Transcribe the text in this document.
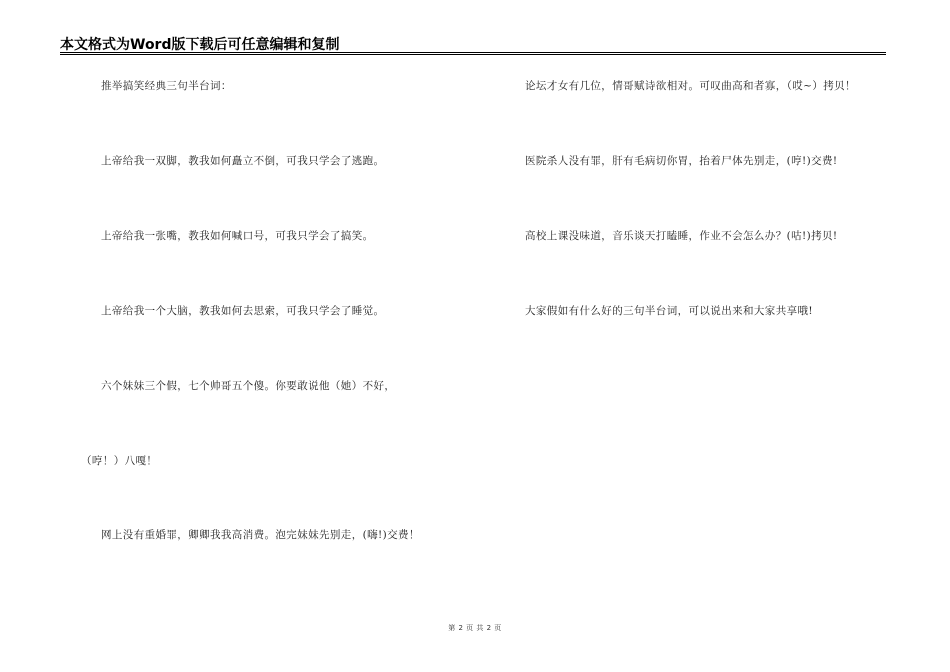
本文格式为Word版下载后可任意编辑和复制
推举搞笑经典三句半台词：
上帝给我一双脚，教我如何矗立不倒，可我只学会了逃跑。
上帝给我一张嘴，教我如何喊口号，可我只学会了搞笑。
上帝给我一个大脑，教我如何去思索，可我只学会了睡觉。
六个妹妹三个假，七个帅哥五个傻。你要敢说他（她）不好，
（哼！）八嘎！
网上没有重婚罪，卿卿我我高消费。泡完妹妹先别走，(嗨!)交费！
论坛才女有几位，情哥赋诗欲相对。可叹曲高和者寡，（哎~）拷贝！
医院杀人没有罪，肝有毛病切你胃，抬着尸体先别走，(哼!)交费!
高校上课没味道，音乐谈天打瞌睡，作业不会怎么办？(咕!)拷贝!
大家假如有什么好的三句半台词，可以说出来和大家共享哦!
第 2 页 共 2 页
